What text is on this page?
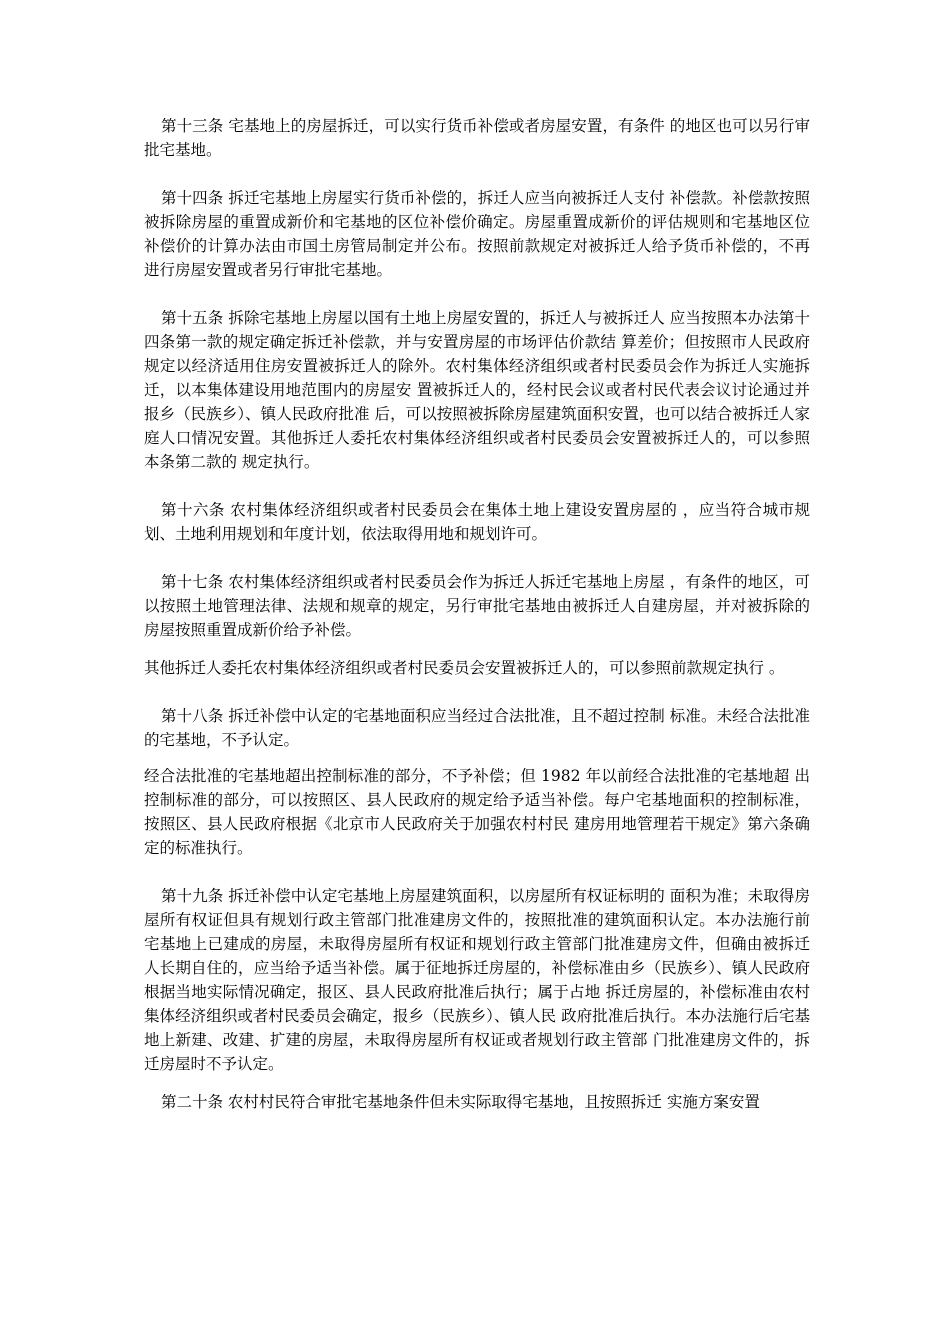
第十三条 宅基地上的房屋拆迁，可以实行货币补偿或者房屋安置，有条件 的地区也可以另行审批宅基地。

第十四条 拆迁宅基地上房屋实行货币补偿的，拆迁人应当向被拆迁人支付 补偿款。补偿款按照被拆除房屋的重置成新价和宅基地的区位补偿价确定。房屋重置成新价的评估规则和宅基地区位补偿价的计算办法由市国土房管局制定并公布。按照前款规定对被拆迁人给予货币补偿的，不再进行房屋安置或者另行审批宅基地。

第十五条 拆除宅基地上房屋以国有土地上房屋安置的，拆迁人与被拆迁人 应当按照本办法第十四条第一款的规定确定拆迁补偿款，并与安置房屋的市场评估价款结 算差价；但按照市人民政府规定以经济适用住房安置被拆迁人的除外。农村集体经济组织或者村民委员会作为拆迁人实施拆迁，以本集体建设用地范围内的房屋安 置被拆迁人的，经村民会议或者村民代表会议讨论通过并报乡（民族乡）、镇人民政府批准 后，可以按照被拆除房屋建筑面积安置，也可以结合被拆迁人家庭人口情况安置。其他拆迁人委托农村集体经济组织或者村民委员会安置被拆迁人的，可以参照本条第二款的 规定执行。

第十六条 农村集体经济组织或者村民委员会在集体土地上建设安置房屋的 ，应当符合城市规划、土地利用规划和年度计划，依法取得用地和规划许可。

第十七条 农村集体经济组织或者村民委员会作为拆迁人拆迁宅基地上房屋 ，有条件的地区，可以按照土地管理法律、法规和规章的规定，另行审批宅基地由被拆迁人自建房屋，并对被拆除的房屋按照重置成新价给予补偿。

其他拆迁人委托农村集体经济组织或者村民委员会安置被拆迁人的，可以参照前款规定执行 。

第十八条 拆迁补偿中认定的宅基地面积应当经过合法批准，且不超过控制 标准。未经合法批准的宅基地，不予认定。

经合法批准的宅基地超出控制标准的部分，不予补偿；但 1982 年以前经合法批准的宅基地超 出控制标准的部分，可以按照区、县人民政府的规定给予适当补偿。每户宅基地面积的控制标准，按照区、县人民政府根据《北京市人民政府关于加强农村村民 建房用地管理若干规定》第六条确定的标准执行。

第十九条 拆迁补偿中认定宅基地上房屋建筑面积，以房屋所有权证标明的 面积为准；未取得房屋所有权证但具有规划行政主管部门批准建房文件的，按照批准的建筑面积认定。本办法施行前宅基地上已建成的房屋，未取得房屋所有权证和规划行政主管部门批准建房文件，但确由被拆迁人长期自住的，应当给予适当补偿。属于征地拆迁房屋的，补偿标准由乡（民族乡）、镇人民政府根据当地实际情况确定，报区、县人民政府批准后执行；属于占地 拆迁房屋的，补偿标准由农村集体经济组织或者村民委员会确定，报乡（民族乡）、镇人民 政府批准后执行。本办法施行后宅基地上新建、改建、扩建的房屋，未取得房屋所有权证或者规划行政主管部 门批准建房文件的，拆迁房屋时不予认定。

第二十条 农村村民符合审批宅基地条件但未实际取得宅基地，且按照拆迁 实施方案安置
